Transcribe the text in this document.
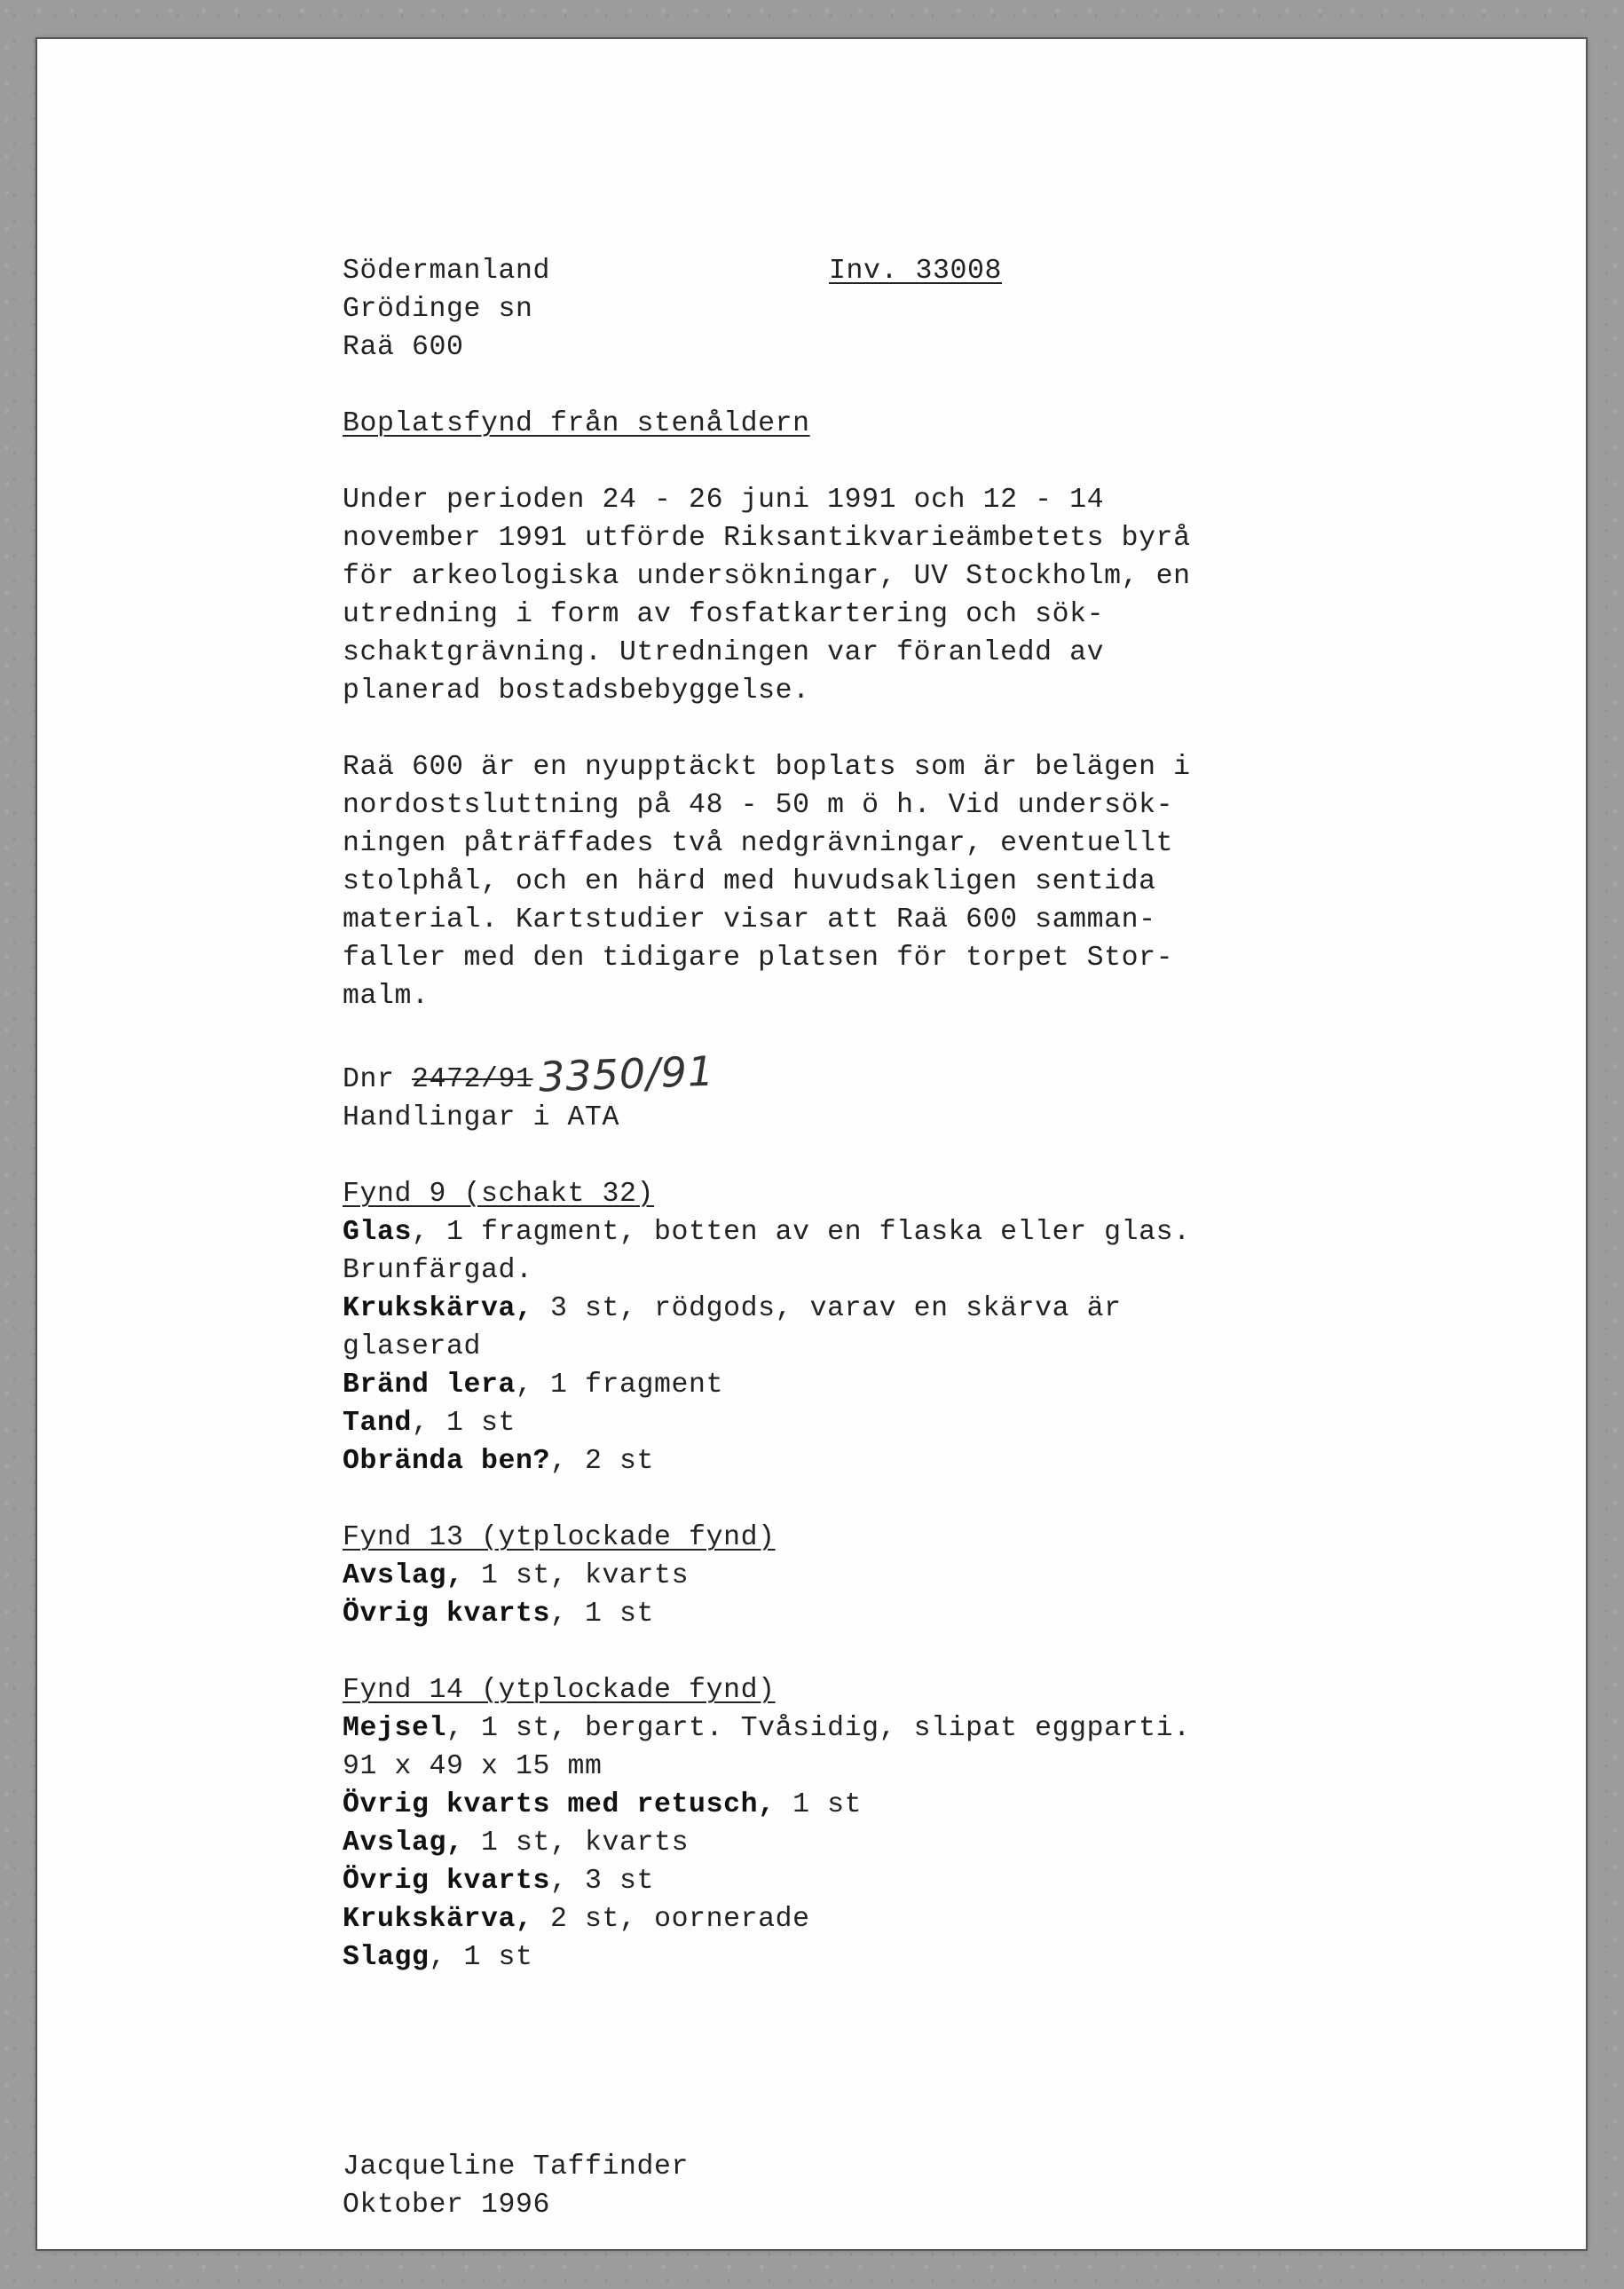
Södermanland	Inv. 33008
Grödinge sn
Raä 600
Boplatsfynd från stenåldern
Under perioden 24 - 26 juni 1991 och 12 - 14
november 1991 utförde Riksantikvarieämbetets byrå
för arkeologiska undersökningar, UV Stockholm, en
utredning i form av fosfatkartering och sök-
schaktgrävning. Utredningen var föranledd av
planerad bostadsbebyggelse.
Raä 600 är en nyupptäckt boplats som är belägen i
nordostsluttning på 48 - 50 m ö h. Vid undersök-
ningen påträffades två nedgrävningar, eventuellt
stolphål, och en härd med huvudsakligen sentida
material. Kartstudier visar att Raä 600 samman-
faller med den tidigare platsen för torpet Stor-
malm.
Dnr 2472/91 3350/91
Handlingar i ATA
Fynd 9 (schakt 32)
Glas, 1 fragment, botten av en flaska eller glas.
Brunfärgad.
Krukskärva, 3 st, rödgods, varav en skärva är
glaserad
Bränd lera, 1 fragment
Tand, 1 st
Obrända ben?, 2 st
Fynd 13 (ytplockade fynd)
Avslag, 1 st, kvarts
Övrig kvarts, 1 st
Fynd 14 (ytplockade fynd)
Mejsel, 1 st, bergart. Tvåsidig, slipat eggparti.
91 x 49 x 15 mm
Övrig kvarts med retusch, 1 st
Avslag, 1 st, kvarts
Övrig kvarts, 3 st
Krukskärva, 2 st, oornerade
Slagg, 1 st
Jacqueline Taffinder
Oktober 1996
